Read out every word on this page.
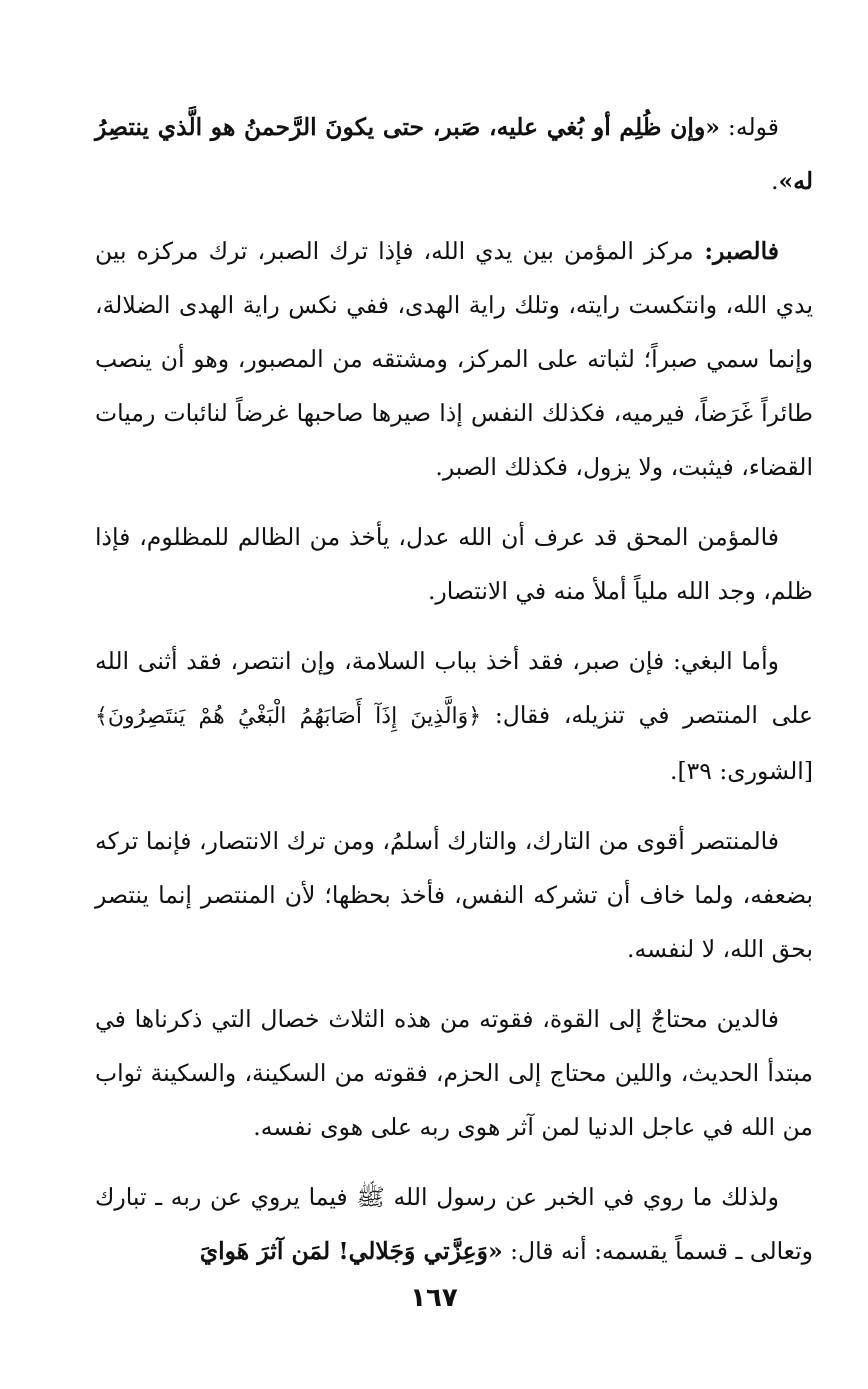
قوله: «وإن ظُلِم أو بُغي عليه، صَبر، حتى يكونَ الرَّحمنُ هو الَّذي ينتصِرُ له».

فالصبر: مركز المؤمن بين يدي الله، فإذا ترك الصبر، ترك مركزه بين يدي الله، وانتكست رايته، وتلك راية الهدى، ففي نكس راية الهدى الضلالة، وإنما سمي صبراً؛ لثباته على المركز، ومشتقه من المصبور، وهو أن ينصب طائراً غَرَضاً، فيرميه، فكذلك النفس إذا صيرها صاحبها غرضاً لنائبات رميات القضاء، فيثبت، ولا يزول، فكذلك الصبر.

فالمؤمن المحق قد عرف أن الله عدل، يأخذ من الظالم للمظلوم، فإذا ظلم، وجد الله ملياً أملأ منه في الانتصار.

وأما البغي: فإن صبر، فقد أخذ بباب السلامة، وإن انتصر، فقد أثنى الله على المنتصر في تنزيله، فقال: ﴿وَالَّذِينَ إِذَآ أَصَابَهُمُ الْبَغْيُ هُمْ يَنتَصِرُونَ﴾[الشورى: ٣٩].

فالمنتصر أقوى من التارك، والتارك أسلمُ، ومن ترك الانتصار، فإنما تركه بضعفه، ولما خاف أن تشركه النفس، فأخذ بحظها؛ لأن المنتصر إنما ينتصر بحق الله، لا لنفسه.

فالدين محتاجٌ إلى القوة، فقوته من هذه الثلاث خصال التي ذكرناها في مبتدأ الحديث، واللين محتاج إلى الحزم، فقوته من السكينة، والسكينة ثواب من الله في عاجل الدنيا لمن آثر هوى ربه على هوى نفسه.

ولذلك ما روي في الخبر عن رسول الله ﷺ فيما يروي عن ربه ـ تبارك وتعالى ـ قسماً يقسمه: أنه قال: «وَعِزَّتي وَجَلالي! لمَن آثرَ هَوايَ

١٦٧
